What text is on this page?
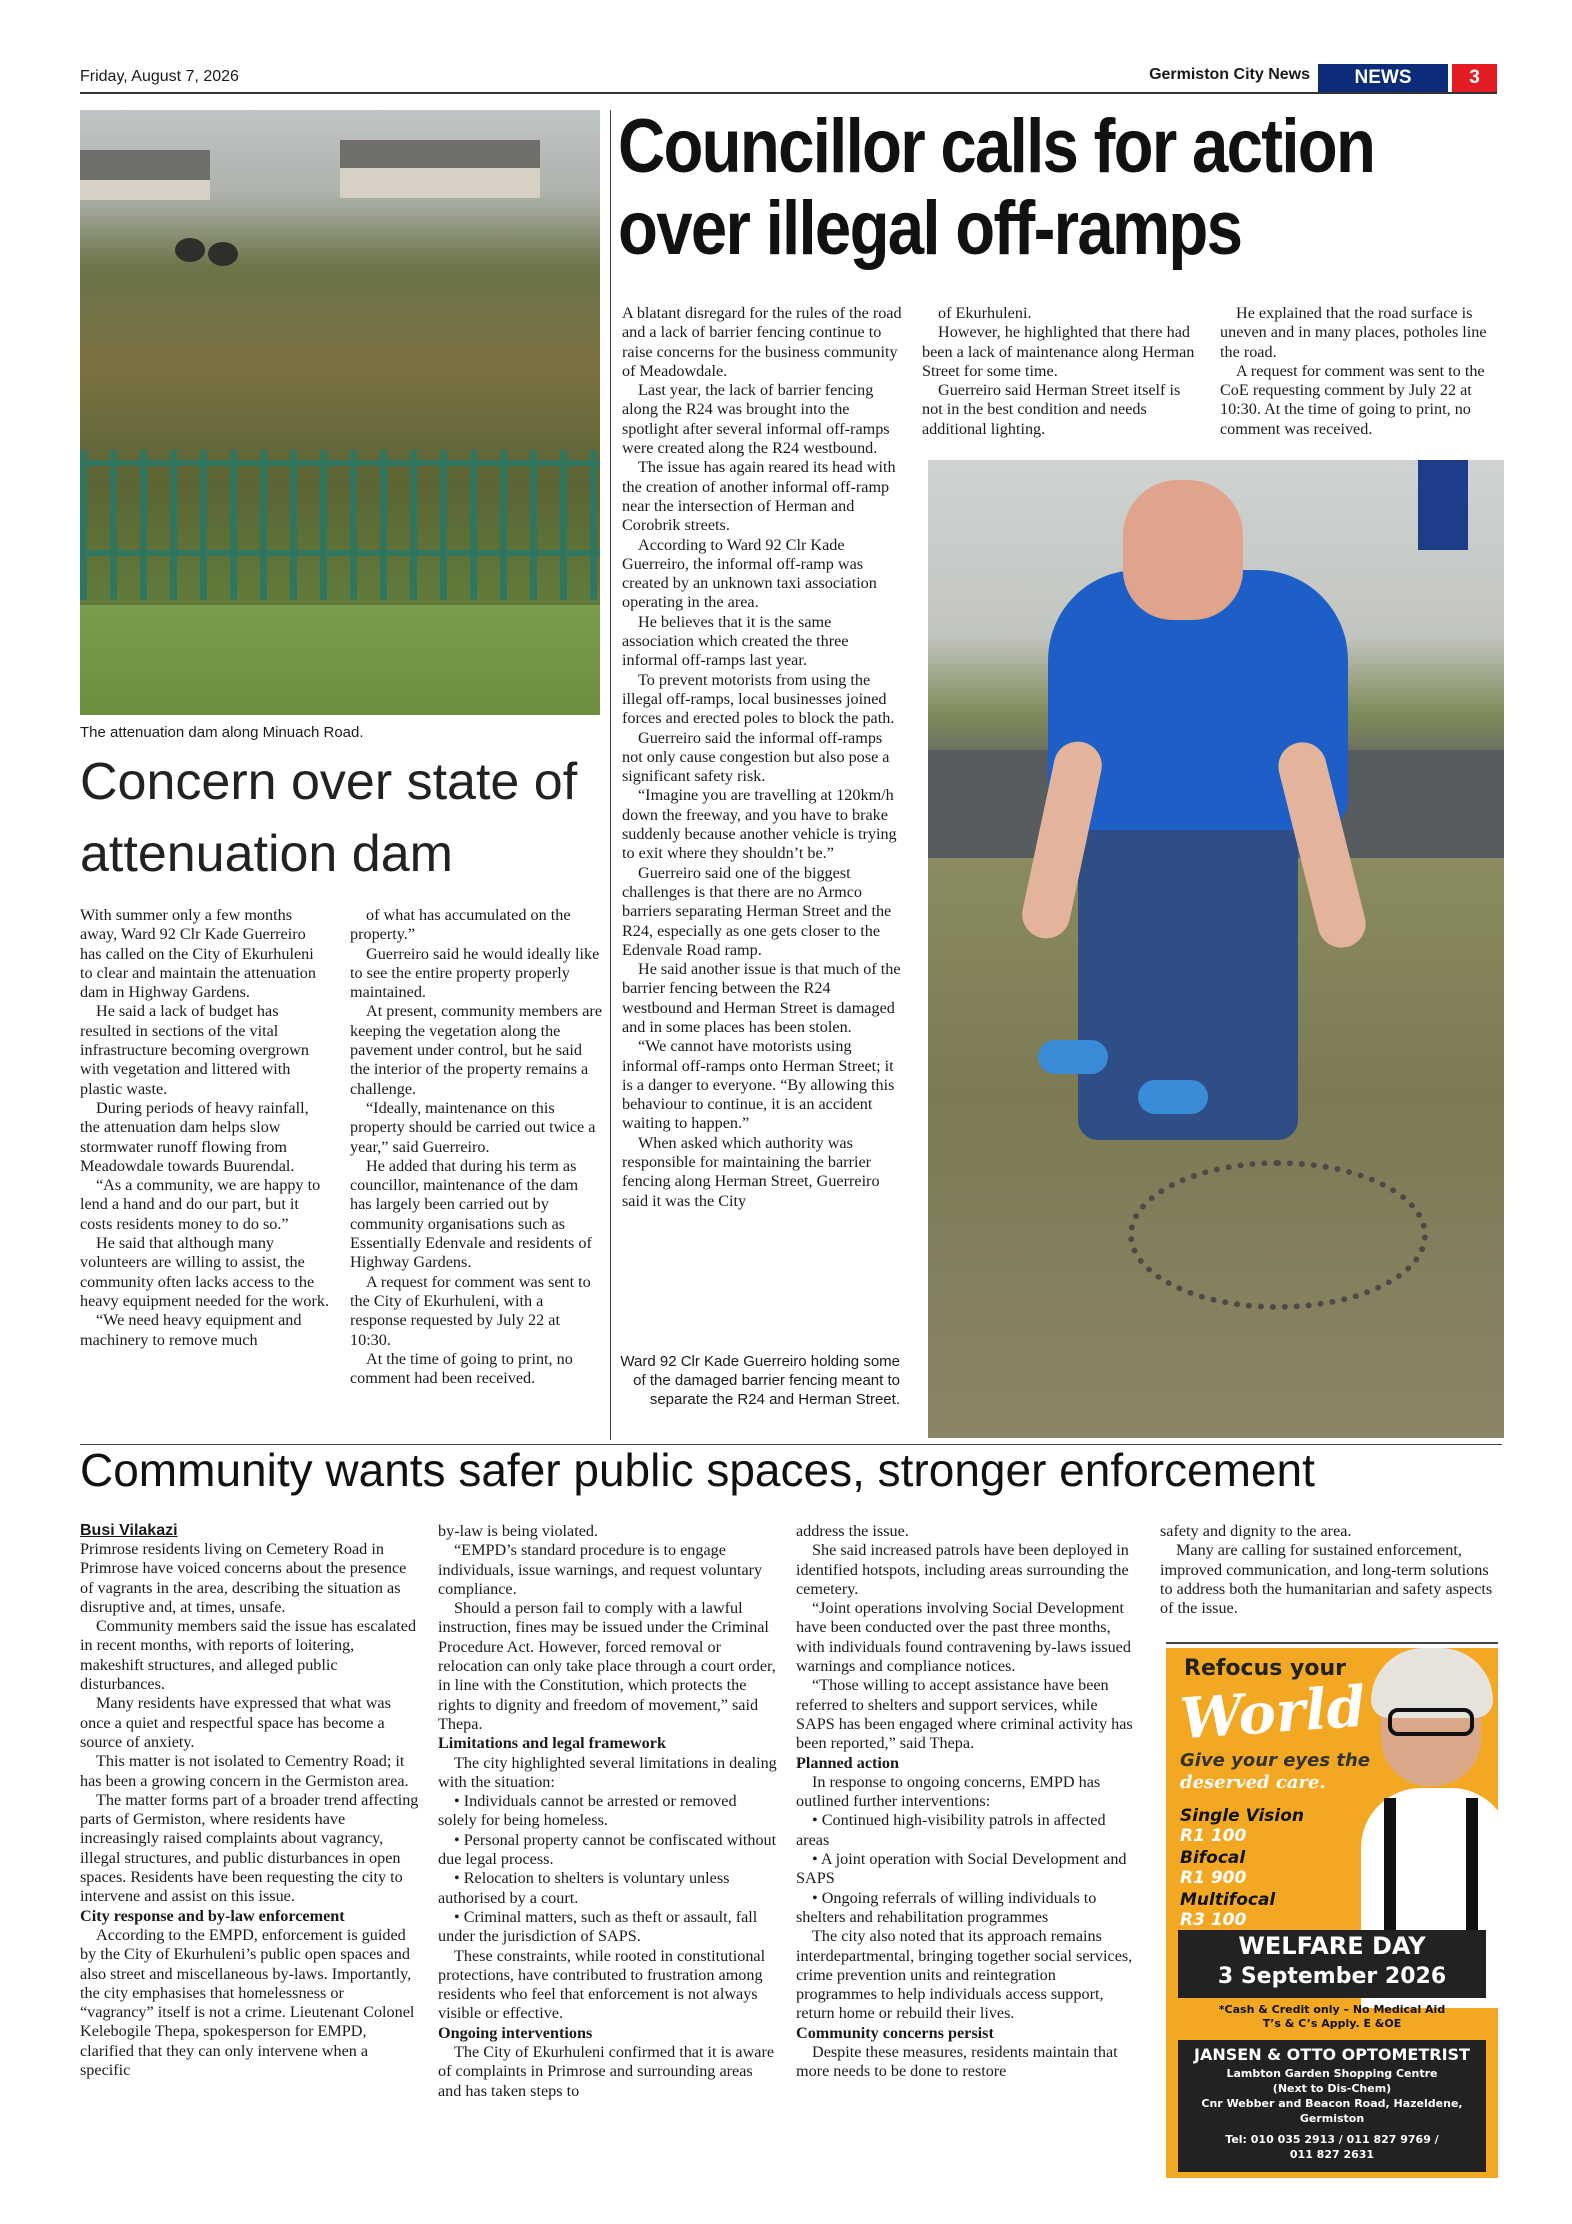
Friday, August 7, 2026	Germiston City News	NEWS	3
The attenuation dam along Minuach Road.
Councillor calls for action over illegal off-ramps
Concern over state of attenuation dam

With summer only a few months away, Ward 92 Clr Kade Guerreiro has called on the City of Ekurhuleni to clear and maintain the attenuation dam in Highway Gardens.

He said a lack of budget has resulted in sections of the vital infrastructure becoming overgrown with vegetation and littered with plastic waste.

During periods of heavy rainfall, the attenuation dam helps slow stormwater runoff flowing from Meadowdale towards Buurendal.

“As a community, we are happy to lend a hand and do our part, but it costs residents money to do so.”

He said that although many volunteers are willing to assist, the community often lacks access to the heavy equipment needed for the work.

“We need heavy equipment and machinery to remove much

of what has accumulated on the property.”

Guerreiro said he would ideally like to see the entire property properly maintained.

At present, community members are keeping the vegetation along the pavement under control, but he said the interior of the property remains a challenge.

“Ideally, maintenance on this property should be carried out twice a year,” said Guerreiro.

He added that during his term as councillor, maintenance of the dam has largely been carried out by community organisations such as Essentially Edenvale and residents of Highway Gardens.

A request for comment was sent to the City of Ekurhuleni, with a response requested by July 22 at 10:30.

At the time of going to print, no comment had been received.

A blatant disregard for the rules of the road and a lack of barrier fencing continue to raise concerns for the business community of Meadowdale.

Last year, the lack of barrier fencing along the R24 was brought into the spotlight after several informal off-ramps were created along the R24 westbound.

The issue has again reared its head with the creation of another informal off-ramp near the intersection of Herman and Corobrik streets.

According to Ward 92 Clr Kade Guerreiro, the informal off-ramp was created by an unknown taxi association operating in the area.

He believes that it is the same association which created the three informal off-ramps last year.

To prevent motorists from using the illegal off-ramps, local businesses joined forces and erected poles to block the path.

Guerreiro said the informal off-ramps not only cause congestion but also pose a significant safety risk.

“Imagine you are travelling at 120km/h down the freeway, and you have to brake suddenly because another vehicle is trying to exit where they shouldn’t be.”

Guerreiro said one of the biggest challenges is that there are no Armco barriers separating Herman Street and the R24, especially as one gets closer to the Edenvale Road ramp.

He said another issue is that much of the barrier fencing between the R24 westbound and Herman Street is damaged and in some places has been stolen.

“We cannot have motorists using informal off-ramps onto Herman Street; it is a danger to everyone. “By allowing this behaviour to continue, it is an accident waiting to happen.”

When asked which authority was responsible for maintaining the barrier fencing along Herman Street, Guerreiro said it was the City

of Ekurhuleni.

However, he highlighted that there had been a lack of maintenance along Herman Street for some time.

Guerreiro said Herman Street itself is not in the best condition and needs additional lighting.

He explained that the road surface is uneven and in many places, potholes line the road.

A request for comment was sent to the CoE requesting comment by July 22 at 10:30. At the time of going to print, no comment was received.

Ward 92 Clr Kade Guerreiro holding some of the damaged barrier fencing meant to separate the R24 and Herman Street.
Community wants safer public spaces, stronger enforcement
Busi Vilakazi

Primrose residents living on Cemetery Road in Primrose have voiced concerns about the presence of vagrants in the area, describing the situation as disruptive and, at times, unsafe.

Community members said the issue has escalated in recent months, with reports of loitering, makeshift structures, and alleged public disturbances.

Many residents have expressed that what was once a quiet and respectful space has become a source of anxiety.

This matter is not isolated to Cementry Road; it has been a growing concern in the Germiston area.

The matter forms part of a broader trend affecting parts of Germiston, where residents have increasingly raised complaints about vagrancy, illegal structures, and public disturbances in open spaces. Residents have been requesting the city to intervene and assist on this issue.

City response and by-law enforcement

According to the EMPD, enforcement is guided by the City of Ekurhuleni’s public open spaces and also street and miscellaneous by-laws. Importantly, the city emphasises that homelessness or “vagrancy” itself is not a crime. Lieutenant Colonel Kelebogile Thepa, spokesperson for EMPD, clarified that they can only intervene when a specific

by-law is being violated.

“EMPD’s standard procedure is to engage individuals, issue warnings, and request voluntary compliance.

Should a person fail to comply with a lawful instruction, fines may be issued under the Criminal Procedure Act. However, forced removal or relocation can only take place through a court order, in line with the Constitution, which protects the rights to dignity and freedom of movement,” said Thepa.

Limitations and legal framework

The city highlighted several limitations in dealing with the situation:

• Individuals cannot be arrested or removed solely for being homeless.

• Personal property cannot be confiscated without due legal process.

• Relocation to shelters is voluntary unless authorised by a court.

• Criminal matters, such as theft or assault, fall under the jurisdiction of SAPS.

These constraints, while rooted in constitutional protections, have contributed to frustration among residents who feel that enforcement is not always visible or effective.

Ongoing interventions

The City of Ekurhuleni confirmed that it is aware of complaints in Primrose and surrounding areas and has taken steps to

address the issue.

She said increased patrols have been deployed in identified hotspots, including areas surrounding the cemetery.

“Joint operations involving Social Development have been conducted over the past three months, with individuals found contravening by-laws issued warnings and compliance notices.

“Those willing to accept assistance have been referred to shelters and support services, while SAPS has been engaged where criminal activity has been reported,” said Thepa.

Planned action

In response to ongoing concerns, EMPD has outlined further interventions:

• Continued high-visibility patrols in affected areas

• A joint operation with Social Development and SAPS

• Ongoing referrals of willing individuals to shelters and rehabilitation programmes

The city also noted that its approach remains interdepartmental, bringing together social services, crime prevention units and reintegration programmes to help individuals access support, return home or rebuild their lives.

Community concerns persist

Despite these measures, residents maintain that more needs to be done to restore

safety and dignity to the area.

Many are calling for sustained enforcement, improved communication, and long-term solutions to address both the humanitarian and safety aspects of the issue.

Refocus your
World
Give your eyes the
deserved care.
Single Vision
R1 100
Bifocal
R1 900
Multifocal
R3 100
WELFARE DAY
3 September 2026
*Cash & Credit only – No Medical Aid
T’s & C’s Apply. E &OE
JANSEN & OTTO OPTOMETRIST
Lambton Garden Shopping Centre
(Next to Dis-Chem)
Cnr Webber and Beacon Road, Hazeldene,
Germiston
Tel: 010 035 2913 / 011 827 9769 /
011 827 2631
